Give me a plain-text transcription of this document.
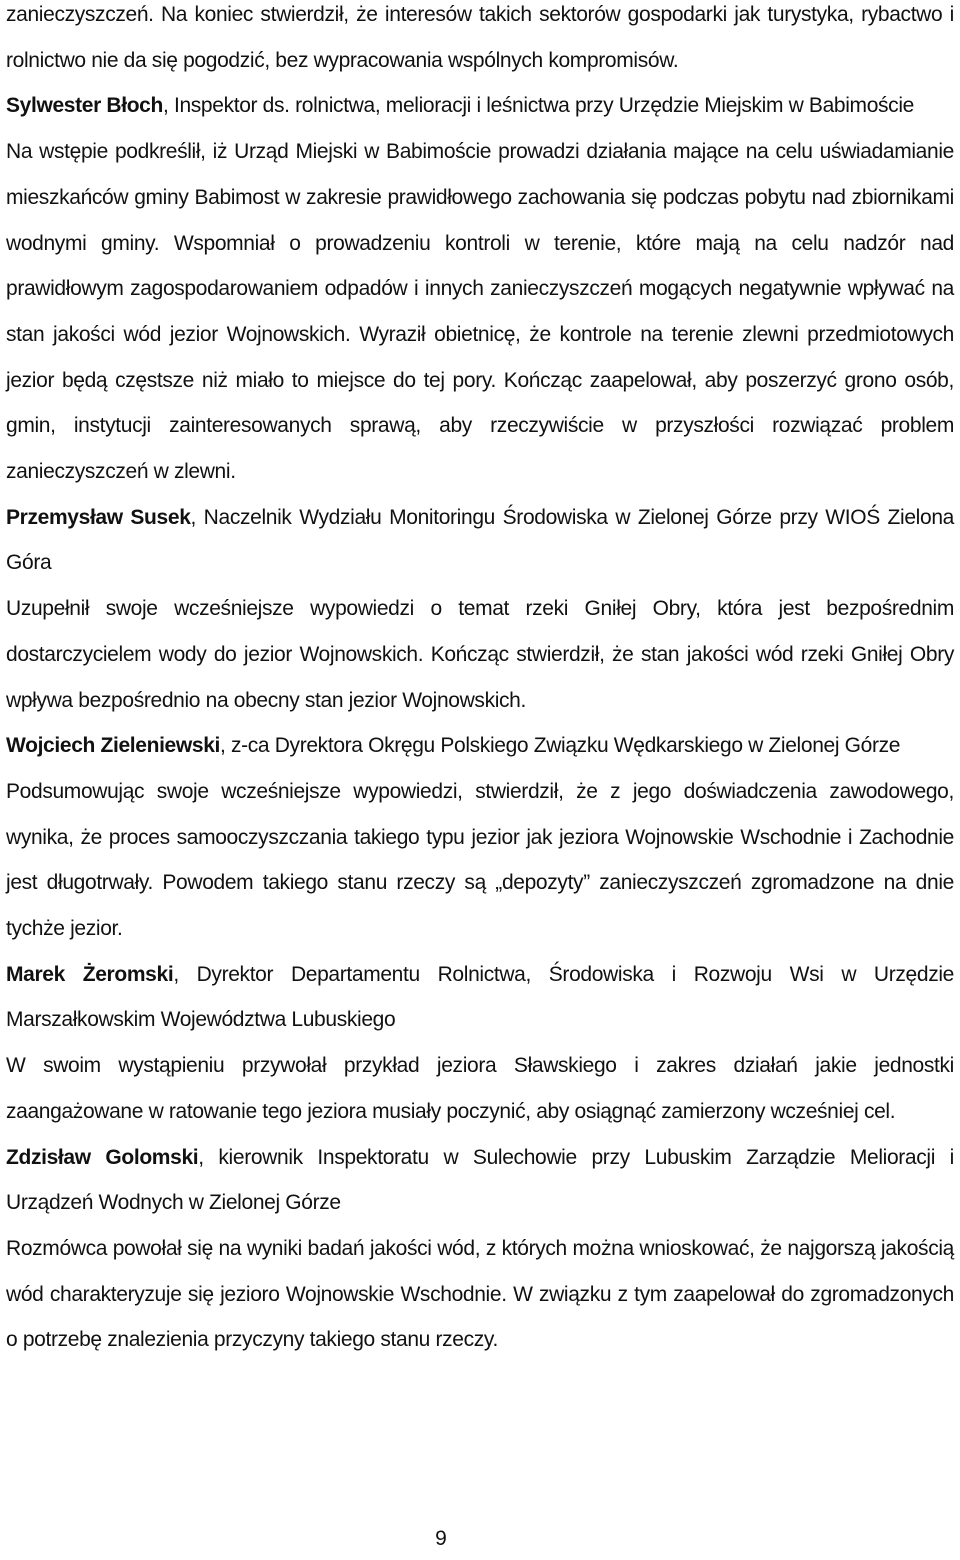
zanieczyszczeń. Na koniec stwierdził, że interesów takich sektorów gospodarki jak turystyka, rybactwo i rolnictwo nie da się pogodzić, bez wypracowania wspólnych kompromisów.

Sylwester Błoch, Inspektor ds. rolnictwa, melioracji i leśnictwa przy Urzędzie Miejskim w Babimoście

Na wstępie podkreślił, iż Urząd Miejski w Babimoście prowadzi działania mające na celu uświadamianie mieszkańców gminy Babimost w zakresie prawidłowego zachowania się podczas pobytu nad zbiornikami wodnymi gminy. Wspomniał o prowadzeniu kontroli w terenie, które mają na celu nadzór nad prawidłowym zagospodarowaniem odpadów i innych zanieczyszczeń mogących negatywnie wpływać na stan jakości wód jezior Wojnowskich. Wyraził obietnicę, że kontrole na terenie zlewni przedmiotowych jezior będą częstsze niż miało to miejsce do tej pory. Kończąc zaapelował, aby poszerzyć grono osób, gmin, instytucji zainteresowanych sprawą, aby rzeczywiście w przyszłości rozwiązać problem zanieczyszczeń w zlewni.

Przemysław Susek, Naczelnik Wydziału Monitoringu Środowiska w Zielonej Górze przy WIOŚ Zielona Góra

Uzupełnił swoje wcześniejsze wypowiedzi o temat rzeki Gniłej Obry, która jest bezpośrednim dostarczycielem wody do jezior Wojnowskich. Kończąc stwierdził, że stan jakości wód rzeki Gniłej Obry wpływa bezpośrednio na obecny stan jezior Wojnowskich.

Wojciech Zieleniewski, z-ca Dyrektora Okręgu Polskiego Związku Wędkarskiego w Zielonej Górze

Podsumowując swoje wcześniejsze wypowiedzi, stwierdził, że z jego doświadczenia zawodowego, wynika, że proces samooczyszczania takiego typu jezior jak jeziora Wojnowskie Wschodnie i Zachodnie jest długotrwały. Powodem takiego stanu rzeczy są „depozyty” zanieczyszczeń zgromadzone na dnie tychże jezior.

Marek Żeromski, Dyrektor Departamentu Rolnictwa, Środowiska i Rozwoju Wsi w Urzędzie Marszałkowskim Województwa Lubuskiego

W swoim wystąpieniu przywołał przykład jeziora Sławskiego i zakres działań jakie jednostki zaangażowane w ratowanie tego jeziora musiały poczynić, aby osiągnąć zamierzony wcześniej cel.

Zdzisław Golomski, kierownik Inspektoratu w Sulechowie przy Lubuskim Zarządzie Melioracji i Urządzeń Wodnych w Zielonej Górze

Rozmówca powołał się na wyniki badań jakości wód, z których można wnioskować, że najgorszą jakością wód charakteryzuje się jezioro Wojnowskie Wschodnie. W związku z tym zaapelował do zgromadzonych o potrzebę znalezienia przyczyny takiego stanu rzeczy.

9
